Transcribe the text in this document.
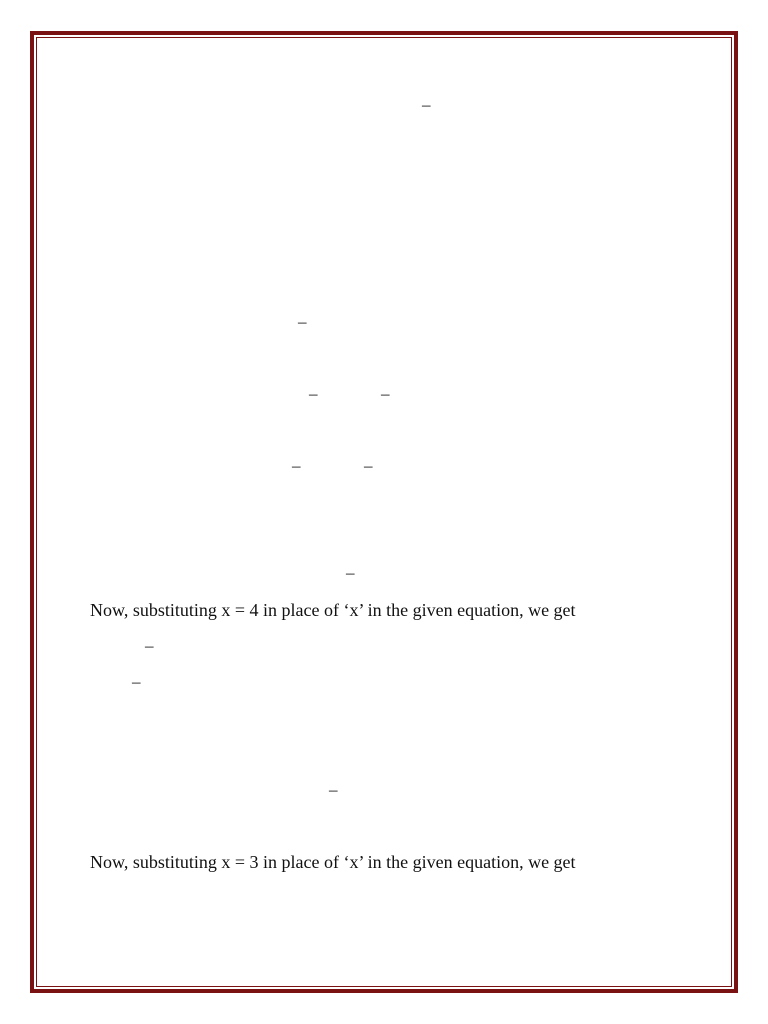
–
–
–	–
–	–
–
Now, substituting x = 4 in place of ‘x’ in the given equation, we get
–
–
–
Now, substituting x = 3 in place of ‘x’ in the given equation, we get
